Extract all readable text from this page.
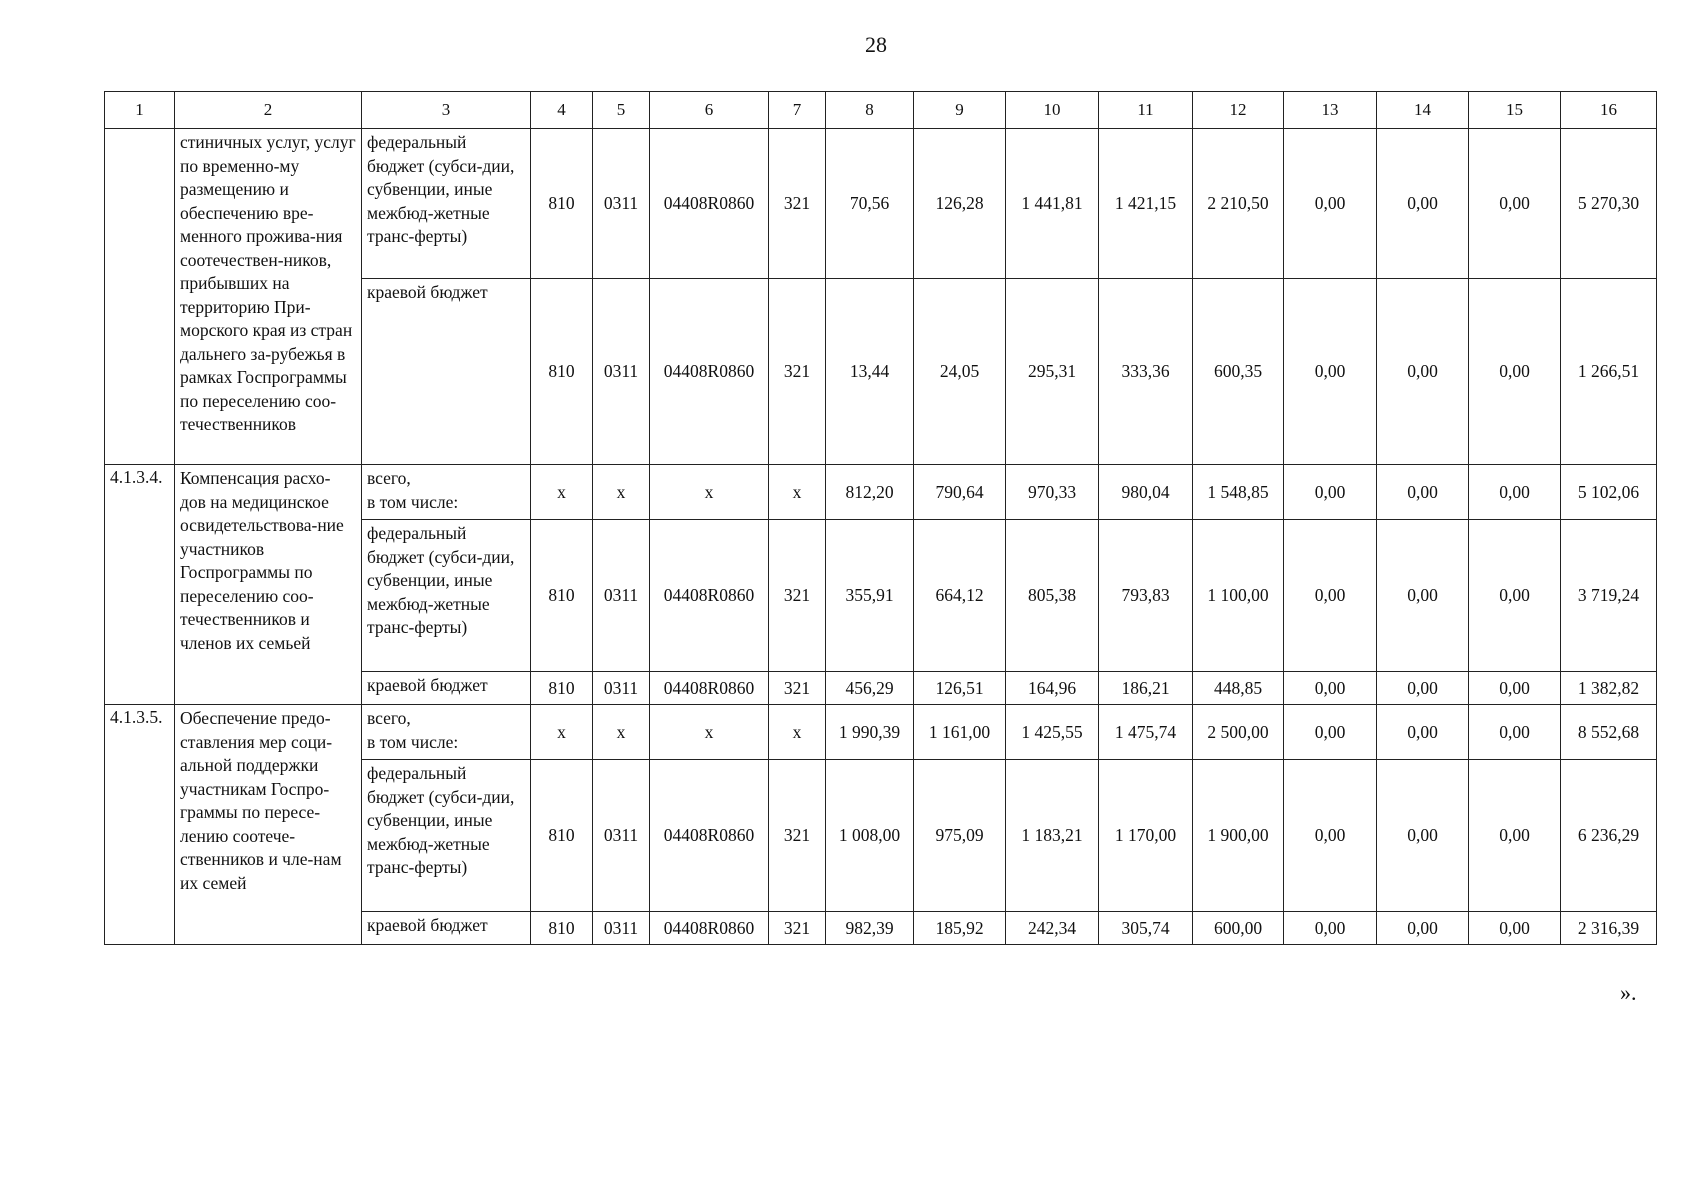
28
1	2	3	4	5	6	7	8	9	10	11	12	13	14	15	16
	стиничных услуг, услуг по временно-му размещению и обеспечению вре-менного прожива-ния соотечествен-ников, прибывших на территорию При-морского края из стран дальнего за-рубежья в рамках Госпрограммы по переселению соо-течественников	федеральный бюджет (субси-дии, субвенции, иные межбюд-жетные транс-ферты)	810	0311	04408R0860	321	70,56	126,28	1 441,81	1 421,15	2 210,50	0,00	0,00	0,00	5 270,30
		краевой бюджет	810	0311	04408R0860	321	13,44	24,05	295,31	333,36	600,35	0,00	0,00	0,00	1 266,51
4.1.3.4.	Компенсация расхо-дов на медицинское освидетельствова-ние участников Госпрограммы по переселению соо-течественников и членов их семьей	всего,
в том числе:	x	x	x	x	812,20	790,64	970,33	980,04	1 548,85	0,00	0,00	0,00	5 102,06
		федеральный бюджет (субси-дии, субвенции, иные межбюд-жетные транс-ферты)	810	0311	04408R0860	321	355,91	664,12	805,38	793,83	1 100,00	0,00	0,00	0,00	3 719,24
		краевой бюджет	810	0311	04408R0860	321	456,29	126,51	164,96	186,21	448,85	0,00	0,00	0,00	1 382,82
4.1.3.5.	Обеспечение предо-ставления мер соци-альной поддержки участникам Госпро-граммы по пересе-лению соотече-ственников и чле-нам их семей	всего,
в том числе:	x	x	x	x	1 990,39	1 161,00	1 425,55	1 475,74	2 500,00	0,00	0,00	0,00	8 552,68
		федеральный бюджет (субси-дии, субвенции, иные межбюд-жетные транс-ферты)	810	0311	04408R0860	321	1 008,00	975,09	1 183,21	1 170,00	1 900,00	0,00	0,00	0,00	6 236,29
		краевой бюджет	810	0311	04408R0860	321	982,39	185,92	242,34	305,74	600,00	0,00	0,00	0,00	2 316,39
».
